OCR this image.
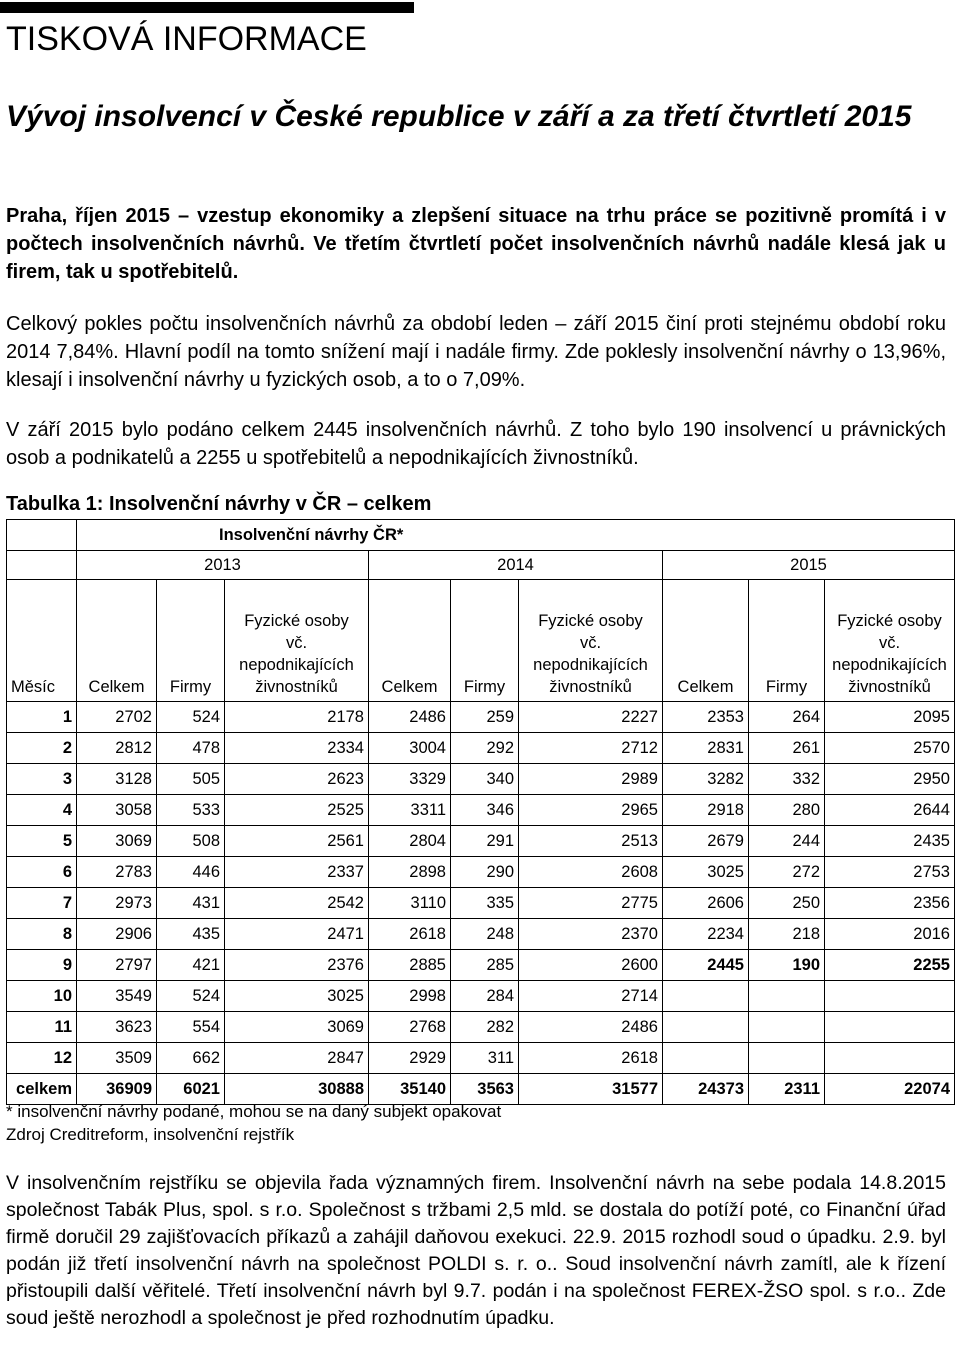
TISKOVÁ INFORMACE
Vývoj insolvencí v České republice v září a za třetí čtvrtletí 2015

Praha, říjen 2015 – vzestup ekonomiky a zlepšení situace na trhu práce se pozitivně promítá i v počtech insolvenčních návrhů. Ve třetím čtvrtletí počet insolvenčních návrhů nadále klesá jak u firem, tak u spotřebitelů.

Celkový pokles počtu insolvenčních návrhů za období leden – září 2015 činí proti stejnému období roku 2014 7,84%. Hlavní podíl na tomto snížení mají i nadále firmy. Zde poklesly insolvenční návrhy o 13,96%, klesají i insolvenční návrhy u fyzických osob, a to o 7,09%.

V září 2015 bylo podáno celkem 2445 insolvenčních návrhů. Z toho bylo 190 insolvencí u právnických osob a podnikatelů a 2255 u spotřebitelů a nepodnikajících živnostníků.

Tabulka 1: Insolvenční návrhy v ČR – celkem

	Insolvenční návrhy ČR*								
	2013			2014			2015		

Měsíc	Celkem	Firmy	Fyzické osoby
vč.
nepodnikajících
živnostníků	Celkem	Firmy	Fyzické osoby
vč.
nepodnikajících
živnostníků	Celkem	Firmy	Fyzické osoby
vč.
nepodnikajících
živnostníků
1	2702	524	2178	2486	259	2227	2353	264	2095
2	2812	478	2334	3004	292	2712	2831	261	2570
3	3128	505	2623	3329	340	2989	3282	332	2950
4	3058	533	2525	3311	346	2965	2918	280	2644
5	3069	508	2561	2804	291	2513	2679	244	2435
6	2783	446	2337	2898	290	2608	3025	272	2753
7	2973	431	2542	3110	335	2775	2606	250	2356
8	2906	435	2471	2618	248	2370	2234	218	2016
9	2797	421	2376	2885	285	2600	2445	190	2255
10	3549	524	3025	2998	284	2714			
11	3623	554	3069	2768	282	2486			
12	3509	662	2847	2929	311	2618			
celkem	36909	6021	30888	35140	3563	31577	24373	2311	22074

* insolvenční návrhy podané, mohou se na daný subjekt opakovat

Zdroj Creditreform, insolvenční rejstřík

V insolvenčním rejstříku se objevila řada významných firem. Insolvenční návrh na sebe podala 14.8.2015 společnost Tabák Plus, spol. s r.o. Společnost s tržbami 2,5 mld. se dostala do potíží poté, co Finanční úřad firmě doručil 29 zajišťovacích příkazů a zahájil daňovou exekuci. 22.9. 2015 rozhodl soud o úpadku. 2.9. byl podán již třetí insolvenční návrh na společnost POLDI s. r. o.. Soud insolvenční návrh zamítl, ale k řízení přistoupili další věřitelé. Třetí insolvenční návrh byl 9.7. podán i na společnost FEREX-ŽSO spol. s r.o.. Zde soud ještě nerozhodl a společnost je před rozhodnutím úpadku.
